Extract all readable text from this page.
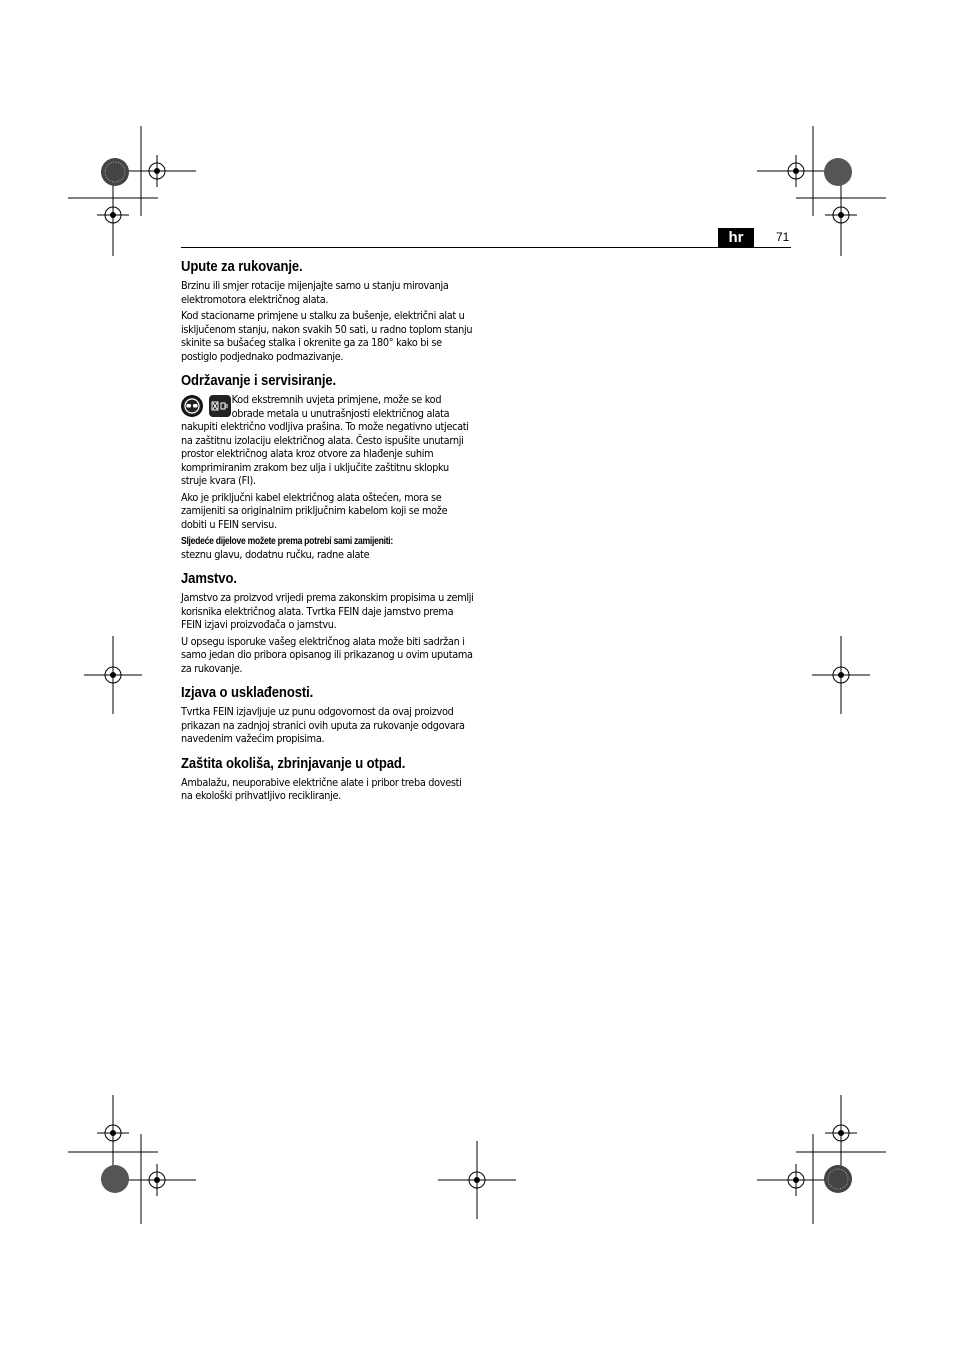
hr	71
Upute za rukovanje.

Brzinu ili smjer rotacije mijenjajte samo u stanju mirovanja elektromotora električnog alata.

Kod stacionarne primjene u stalku za bušenje, električni alat u isključenom stanju, nakon svakih 50 sati, u radno toplom stanju skinite sa bušaćeg stalka i okrenite ga za 180° kako bi se postiglo podjednako podmazivanje.

Održavanje i servisiranje.

Kod ekstremnih uvjeta primjene, može se kod obrade metala u unutrašnjosti električnog alata nakupiti električno vodljiva prašina. To može negativno utjecati na zaštitnu izolaciju električnog alata. Često ispušite unutarnji prostor električnog alata kroz otvore za hlađenje suhim komprimiranim zrakom bez ulja i uključite zaštitnu sklopku struje kvara (FI).

Ako je priključni kabel električnog alata oštećen, mora se zamijeniti sa originalnim priključnim kabelom koji se može dobiti u FEIN servisu.

Sljedeće dijelove možete prema potrebi sami zamijeniti:

steznu glavu, dodatnu ručku, radne alate

Jamstvo.

Jamstvo za proizvod vrijedi prema zakonskim propisima u zemlji korisnika električnog alata. Tvrtka FEIN daje jamstvo prema FEIN izjavi proizvođača o jamstvu.

U opsegu isporuke vašeg električnog alata može biti sadržan i samo jedan dio pribora opisanog ili prikazanog u ovim uputama za rukovanje.

Izjava o usklađenosti.

Tvrtka FEIN izjavljuje uz punu odgovornost da ovaj proizvod prikazan na zadnjoj stranici ovih uputa za rukovanje odgovara navedenim važećim propisima.

Zaštita okoliša, zbrinjavanje u otpad.

Ambalažu, neuporabive električne alate i pribor treba dovesti na ekološki prihvatljivo recikliranje.
